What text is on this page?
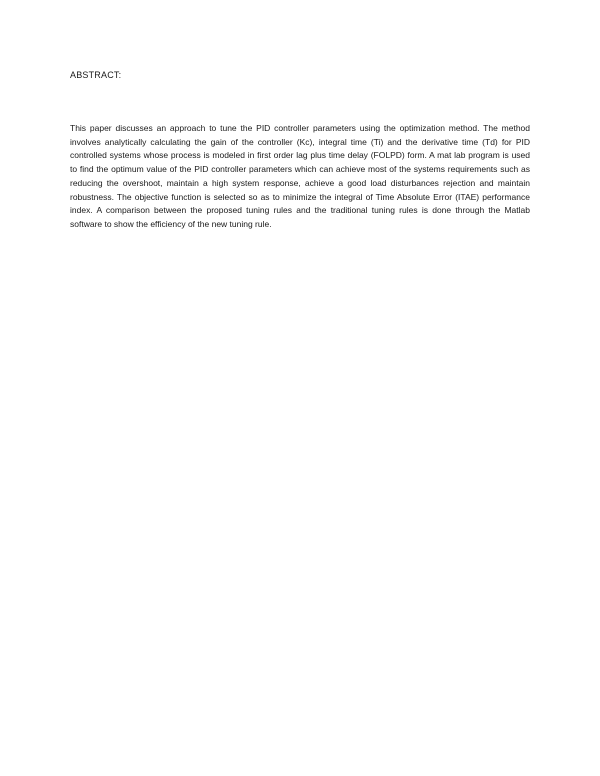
ABSTRACT:

This paper discusses an approach to tune the PID controller parameters using the optimization method. The method involves analytically calculating the gain of the controller (Kc), integral time (Ti) and the derivative time (Td) for PID controlled systems whose process is modeled in first order lag plus time delay (FOLPD) form. A mat lab program is used to find the optimum value of the PID controller parameters which can achieve most of the systems requirements such as reducing the overshoot, maintain a high system response, achieve a good load disturbances rejection and maintain robustness. The objective function is selected so as to minimize the integral of Time Absolute Error (ITAE) performance index. A comparison between the proposed tuning rules and the traditional tuning rules is done through the Matlab software to show the efficiency of the new tuning rule.
